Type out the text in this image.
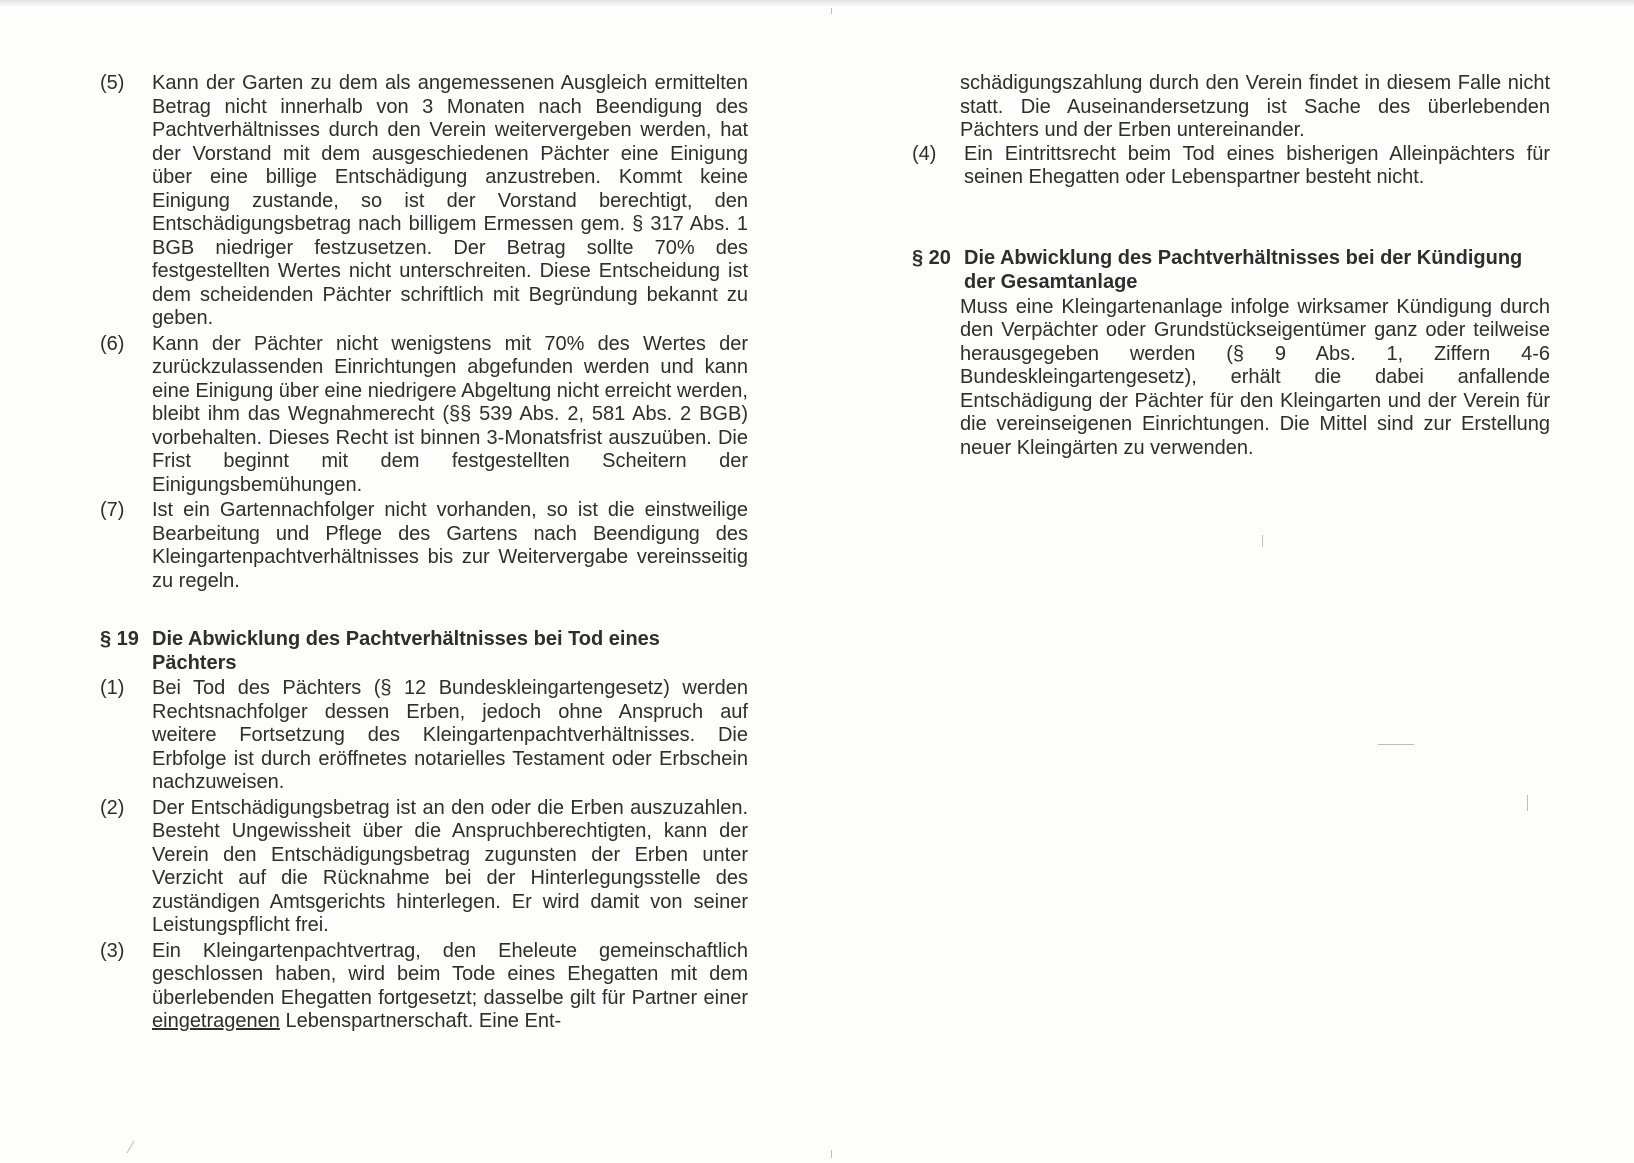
(5)	Kann der Garten zu dem als angemessenen Ausgleich ermittelten Betrag nicht innerhalb von 3 Monaten nach Beendigung des Pachtverhältnisses durch den Verein weitervergeben werden, hat der Vorstand mit dem ausgeschiedenen Pächter eine Einigung über eine billige Entschädigung anzustreben. Kommt keine Einigung zustande, so ist der Vorstand berechtigt, den Entschädigungsbetrag nach billigem Ermessen gem. § 317 Abs. 1 BGB niedriger festzusetzen. Der Betrag sollte 70% des festgestellten Wertes nicht unterschreiten. Diese Entscheidung ist dem scheidenden Pächter schriftlich mit Begründung bekannt zu geben.
(6)	Kann der Pächter nicht wenigstens mit 70% des Wertes der zurückzulassenden Einrichtungen abgefunden werden und kann eine Einigung über eine niedrigere Abgeltung nicht erreicht werden, bleibt ihm das Wegnahmerecht (§§ 539 Abs. 2, 581 Abs. 2 BGB) vorbehalten. Dieses Recht ist binnen 3-Monatsfrist auszuüben. Die Frist beginnt mit dem festgestellten Scheitern der Einigungsbemühungen.
(7)	Ist ein Gartennachfolger nicht vorhanden, so ist die einstweilige Bearbeitung und Pflege des Gartens nach Beendigung des Kleingartenpachtverhältnisses bis zur Weitervergabe vereinsseitig zu regeln.
§ 19 Die Abwicklung des Pachtverhältnisses bei Tod eines Pächters
(1)	Bei Tod des Pächters (§ 12 Bundeskleingartengesetz) werden Rechtsnachfolger dessen Erben, jedoch ohne Anspruch auf weitere Fortsetzung des Kleingartenpachtverhältnisses. Die Erbfolge ist durch eröffnetes notarielles Testament oder Erbschein nachzuweisen.
(2)	Der Entschädigungsbetrag ist an den oder die Erben auszuzahlen. Besteht Ungewissheit über die Anspruchberechtigten, kann der Verein den Entschädigungsbetrag zugunsten der Erben unter Verzicht auf die Rücknahme bei der Hinterlegungsstelle des zuständigen Amtsgerichts hinterlegen. Er wird damit von seiner Leistungspflicht frei.
(3)	Ein Kleingartenpachtvertrag, den Eheleute gemeinschaftlich geschlossen haben, wird beim Tode eines Ehegatten mit dem überlebenden Ehegatten fortgesetzt; dasselbe gilt für Partner einer eingetragenen Lebenspartnerschaft. Eine Ent-
schädigungszahlung durch den Verein findet in diesem Falle nicht statt. Die Auseinandersetzung ist Sache des überlebenden Pächters und der Erben untereinander.
(4)	Ein Eintrittsrecht beim Tod eines bisherigen Alleinpächters für seinen Ehegatten oder Lebenspartner besteht nicht.
§ 20 Die Abwicklung des Pachtverhältnisses bei der Kündigung der Gesamtanlage
Muss eine Kleingartenanlage infolge wirksamer Kündigung durch den Verpächter oder Grundstückseigentümer ganz oder teilweise herausgegeben werden (§ 9 Abs. 1, Ziffern 4-6 Bundeskleingartengesetz), erhält die dabei anfallende Entschädigung der Pächter für den Kleingarten und der Verein für die vereinseigenen Einrichtungen. Die Mittel sind zur Erstellung neuer Kleingärten zu verwenden.
